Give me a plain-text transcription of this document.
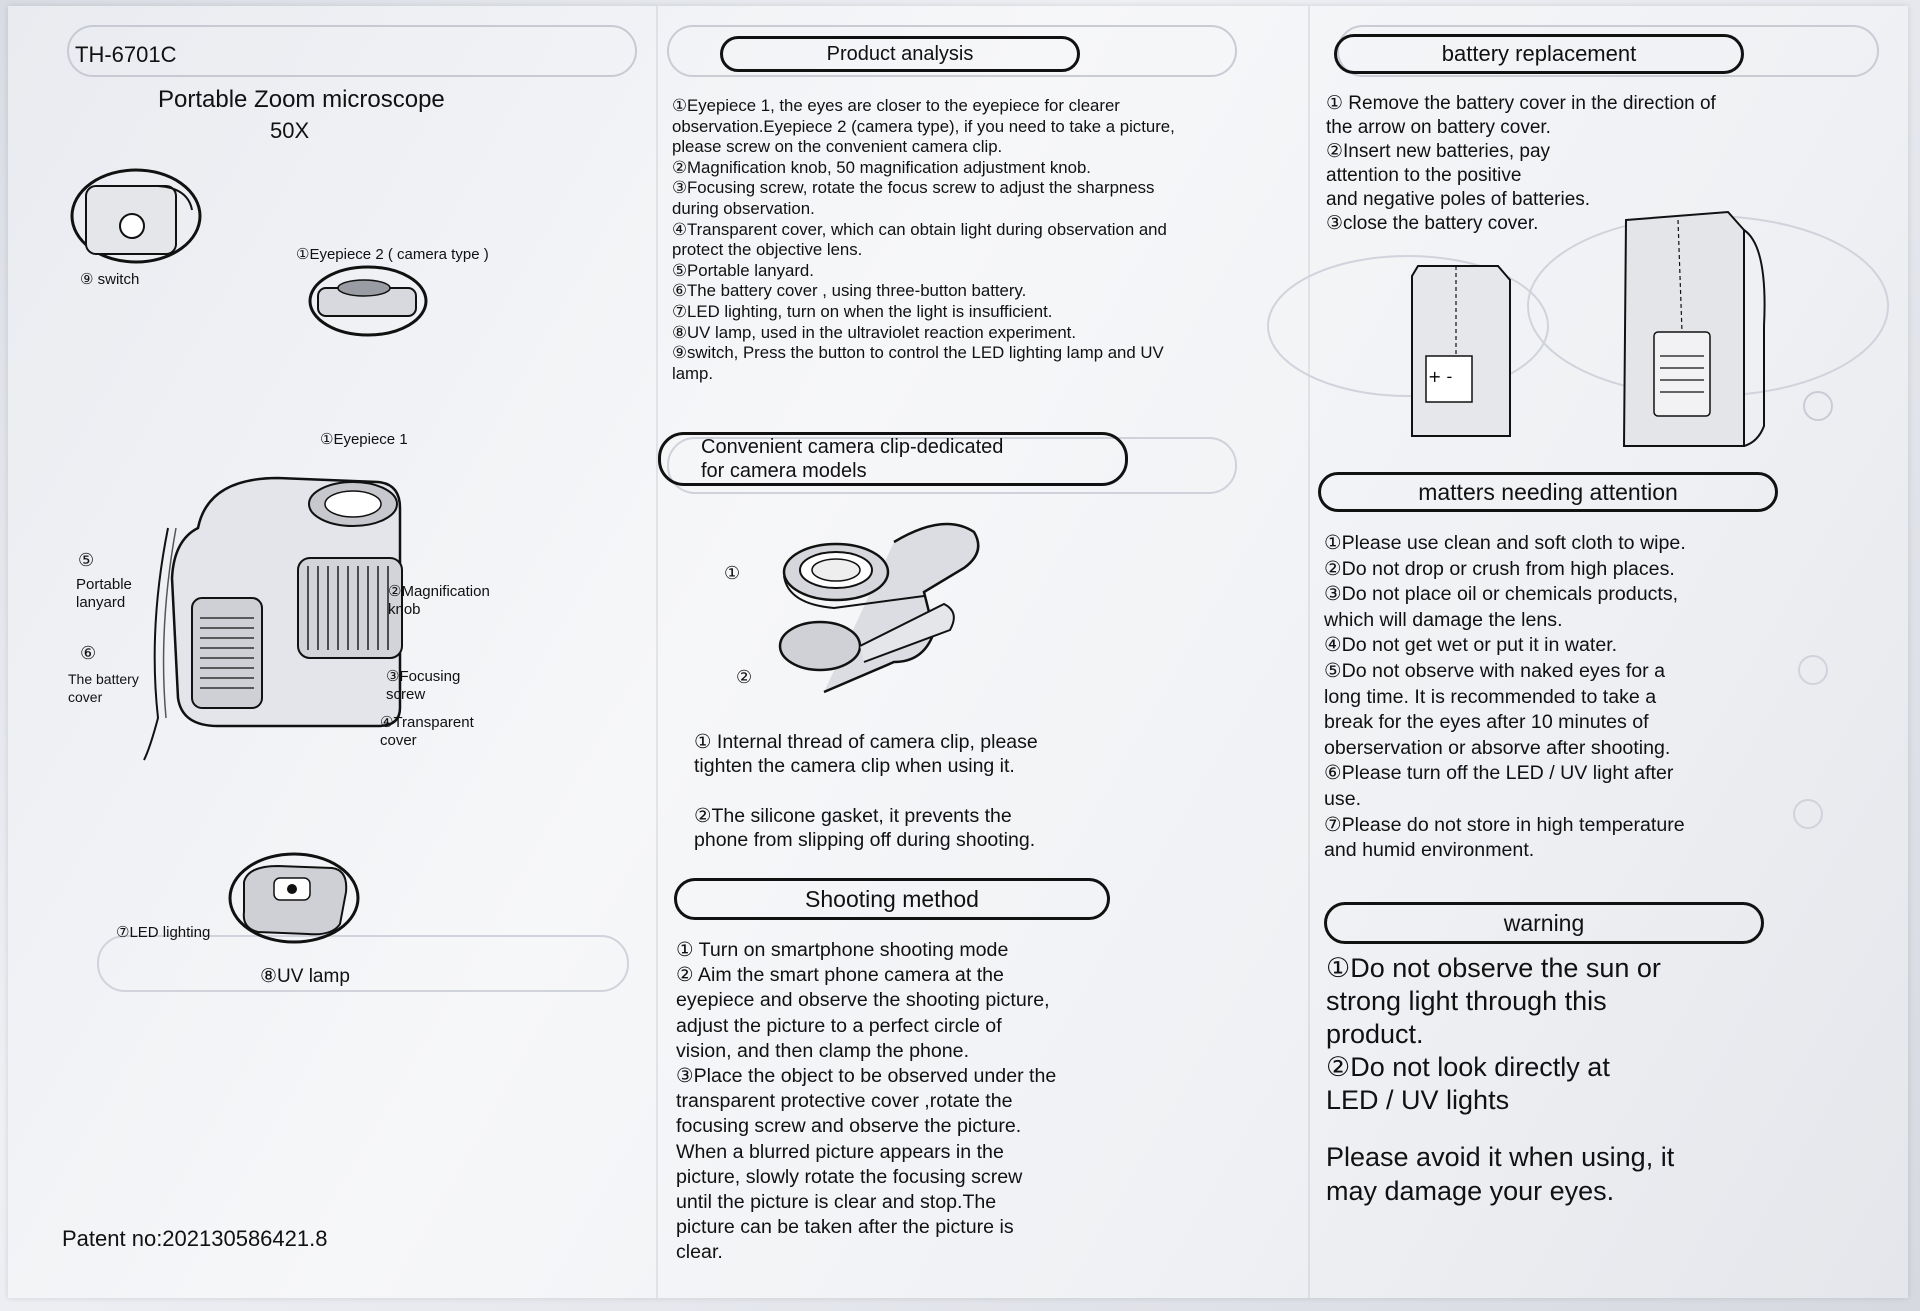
TH-6701C
Portable Zoom microscope
50X
⑨ switch
①Eyepiece 2 ( camera type )
①Eyepiece 1
⑤
Portable
lanyard
⑥
The battery
cover
②Magnification
knob
③Focusing
screw
④Transparent
cover
⑦LED lighting
⑧UV lamp
Patent no:202130586421.8
Product analysis

①Eyepiece 1, the eyes are closer to the eyepiece for clearer

observation.Eyepiece 2 (camera type), if you need to take a picture,

please screw on the convenient camera clip.

②Magnification knob, 50 magnification adjustment knob.

③Focusing screw, rotate the focus screw to adjust the sharpness

during observation.

④Transparent cover, which can obtain light during observation and

protect the objective lens.

⑤Portable lanyard.

⑥The battery cover , using three-button battery.

⑦LED lighting, turn on when the light is insufficient.

⑧UV lamp, used in the ultraviolet reaction experiment.

⑨switch, Press the button to control the LED lighting lamp and UV

lamp.

Convenient camera clip-dedicated
for camera models
①
②

① Internal thread of camera clip, please

tighten the camera clip when using it.

②The silicone gasket, it prevents the

phone from slipping off during shooting.

Shooting method

① Turn on smartphone shooting mode

② Aim the smart phone camera at the

eyepiece and observe the shooting picture,

adjust the picture to a perfect circle of

vision, and then clamp the phone.

③Place the object to be observed under the

transparent protective cover ,rotate the

focusing screw and observe the picture.

When a blurred picture appears in the

picture, slowly rotate the focusing screw

until the picture is clear and stop.The

picture can be taken after the picture is

clear.

battery replacement

① Remove the battery cover in the direction of

the arrow on battery cover.

②Insert new batteries, pay

attention to the positive

and negative poles of batteries.

③close the battery cover.

+ -
matters needing attention

①Please use clean and soft cloth to wipe.

②Do not drop or crush from high places.

③Do not place oil or chemicals products,

which will damage the lens.

④Do not get wet or put it in water.

⑤Do not observe with naked eyes for a

long time. It is recommended to take a

break for the eyes after 10 minutes of

oberservation or absorve after shooting.

⑥Please turn off the LED / UV light after

use.

⑦Please do not store in high temperature

and humid environment.

warning

①Do not observe the sun or

strong light through this

product.

②Do not look directly at

LED / UV lights

Please avoid it when using, it

may damage your eyes.
